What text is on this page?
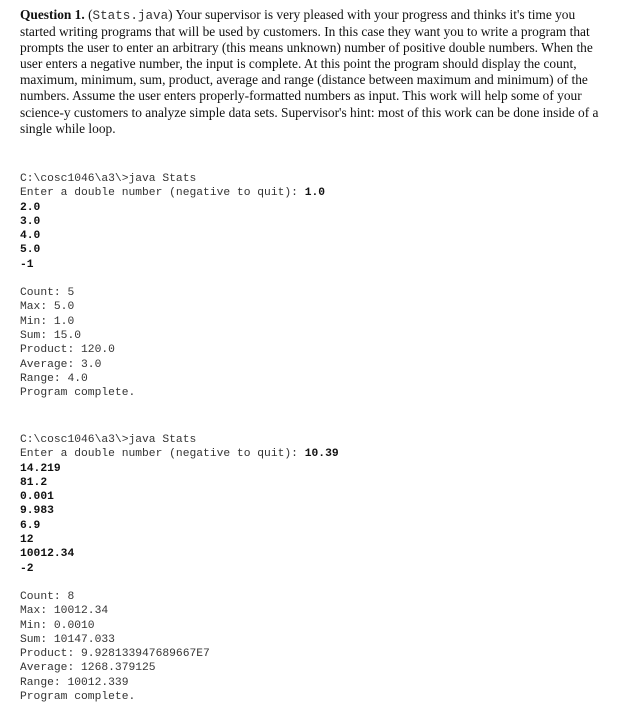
Question 1. (Stats.java) Your supervisor is very pleased with your progress and thinks it's time you started writing programs that will be used by customers. In this case they want you to write a program that prompts the user to enter an arbitrary (this means unknown) number of positive double numbers. When the user enters a negative number, the input is complete. At this point the program should display the count, maximum, minimum, sum, product, average and range (distance between maximum and minimum) of the numbers. Assume the user enters properly-formatted numbers as input. This work will help some of your science-y customers to analyze simple data sets. Supervisor's hint: most of this work can be done inside of a single while loop.

C:\cosc1046\a3\>java Stats
Enter a double number (negative to quit): 1.0
2.0
3.0
4.0
5.0
-1
Count: 5
Max: 5.0
Min: 1.0
Sum: 15.0
Product: 120.0
Average: 3.0
Range: 4.0
Program complete.
C:\cosc1046\a3\>java Stats
Enter a double number (negative to quit): 10.39
14.219
81.2
0.001
9.983
6.9
12
10012.34
-2
Count: 8
Max: 10012.34
Min: 0.0010
Sum: 10147.033
Product: 9.928133947689667E7
Average: 1268.379125
Range: 10012.339
Program complete.
